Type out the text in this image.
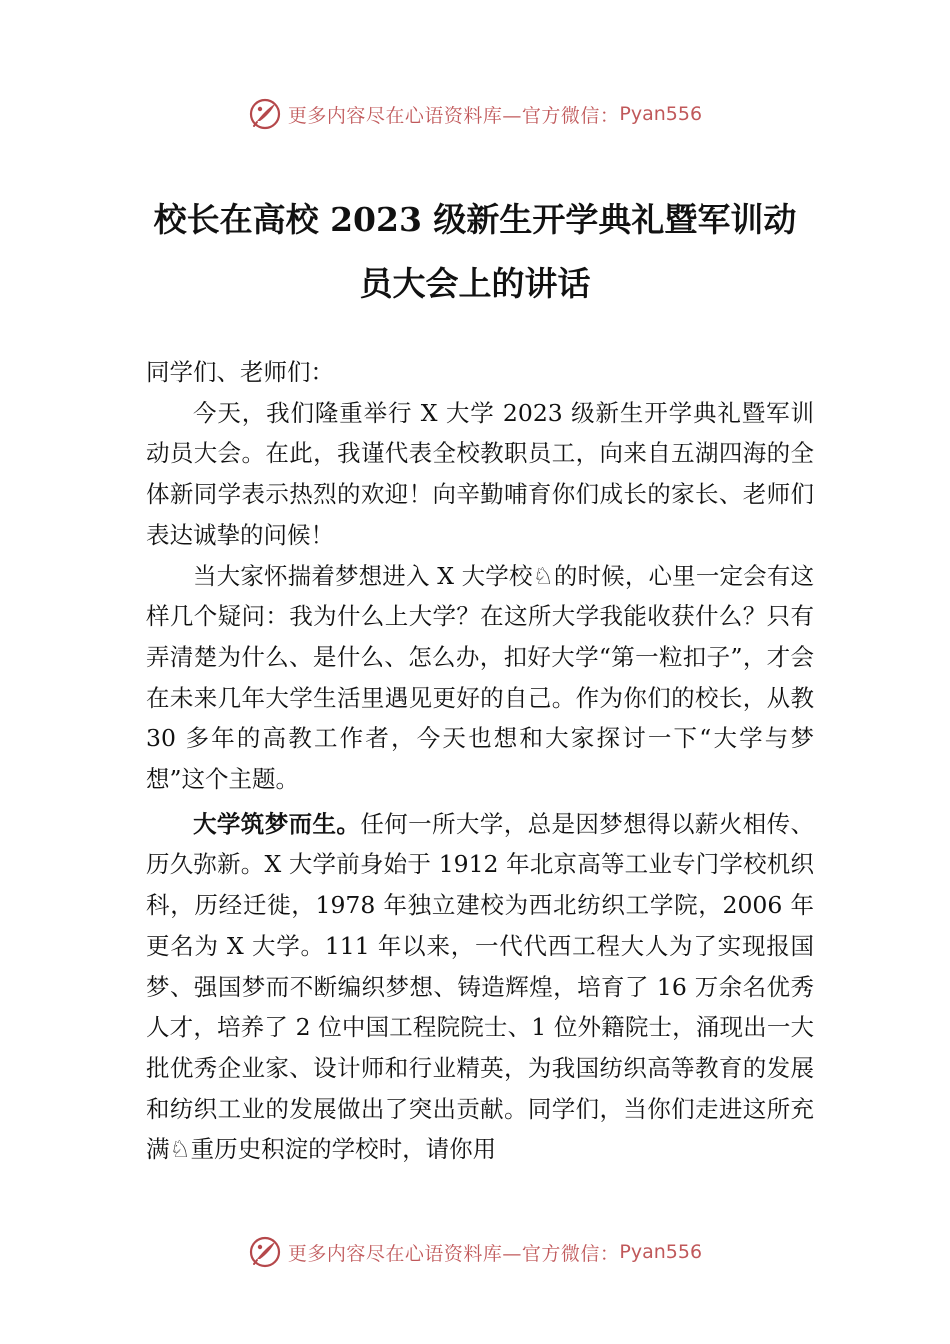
更多内容尽在心语资料库—官方微信： Pyan556
校长在高校 2023 级新生开学典礼暨军训动
员大会上的讲话

同学们、老师们：

今天，我们隆重举行 X 大学 2023 级新生开学典礼暨军训动员大会。在此，我谨代表全校教职员工，向来自五湖四海的全体新同学表示热烈的欢迎！向辛勤哺育你们成长的家长、老师们表达诚挚的问候！

当大家怀揣着梦想进入 X 大学校♘的时候，心里一定会有这样几个疑问：我为什么上大学？在这所大学我能收获什么？只有弄清楚为什么、是什么、怎么办，扣好大学“第一粒扣子”，才会在未来几年大学生活里遇见更好的自己。作为你们的校长，从教 30 多年的高教工作者，今天也想和大家探讨一下“大学与梦想”这个主题。

大学筑梦而生。任何一所大学，总是因梦想得以薪火相传、历久弥新。X 大学前身始于 1912 年北京高等工业专门学校机织科，历经迁徙，1978 年独立建校为西北纺织工学院，2006 年更名为 X 大学。111 年以来，一代代西工程大人为了实现报国梦、强国梦而不断编织梦想、铸造辉煌，培育了 16 万余名优秀人才，培养了 2 位中国工程院院士、1 位外籍院士，涌现出一大批优秀企业家、设计师和行业精英，为我国纺织高等教育的发展和纺织工业的发展做出了突出贡献。同学们，当你们走进这所充满♘重历史积淀的学校时，请你用

更多内容尽在心语资料库—官方微信： Pyan556
